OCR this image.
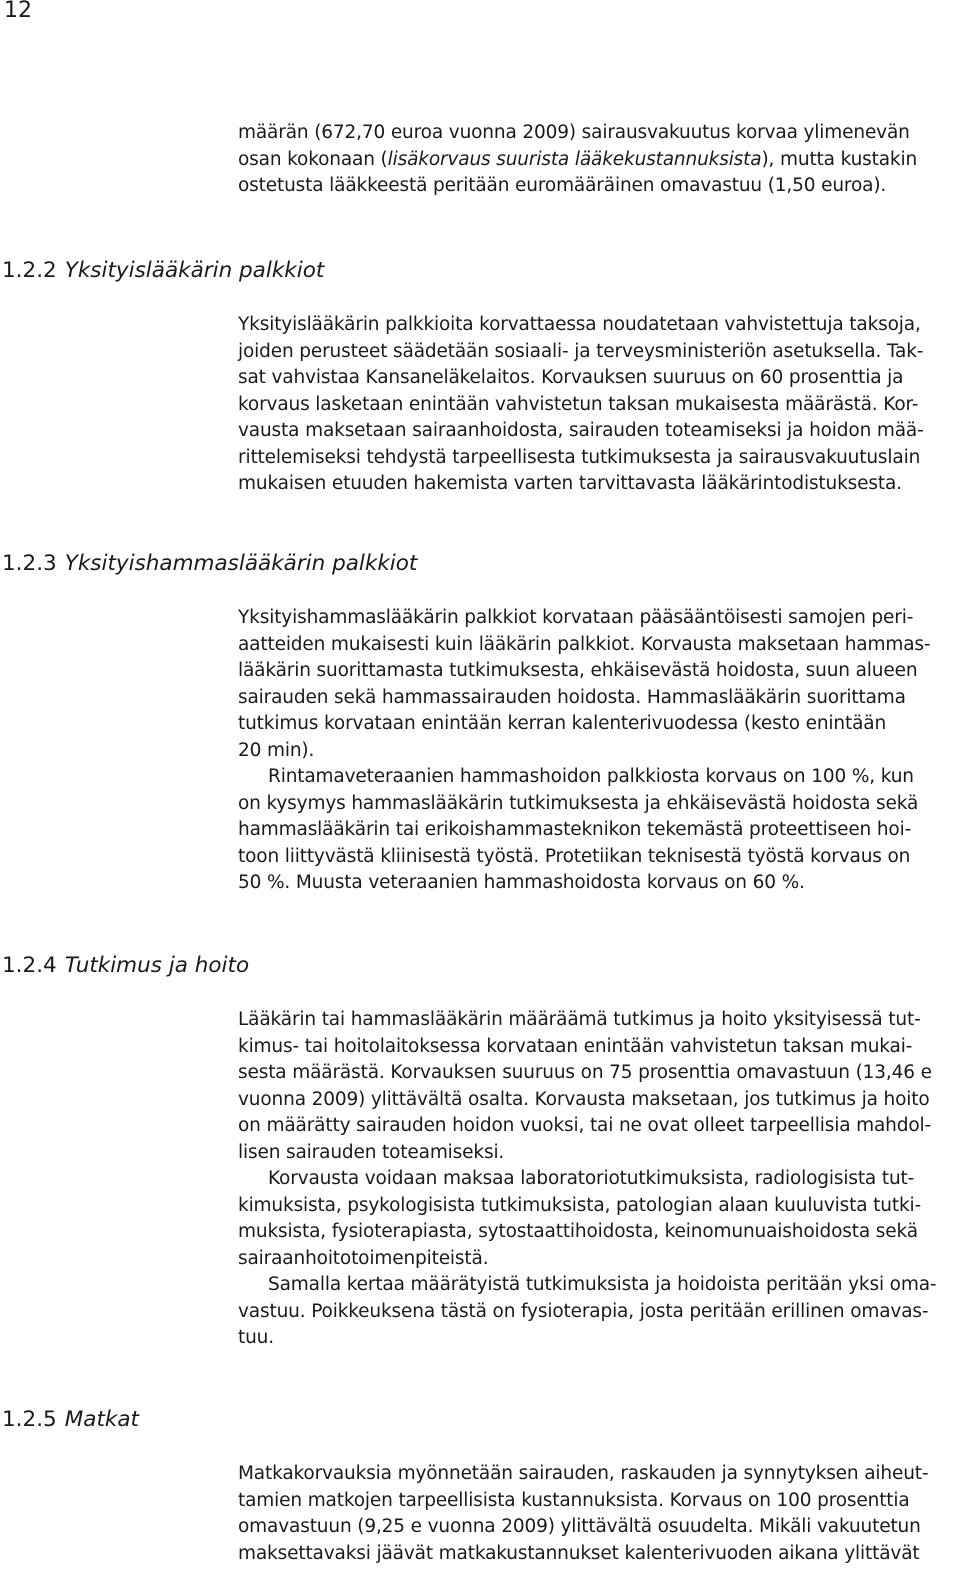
12

määrän (672,70 euroa vuonna 2009) sairausvakuutus korvaa ylimenevän
osan kokonaan (lisäkorvaus suurista lääkekustannuksista), mutta kustakin
ostetusta lääkkeestä peritään euromääräinen omavastuu (1,50 euroa).

1.2.2 Yksityislääkärin palkkiot

Yksityislääkärin palkkioita korvattaessa noudatetaan vahvistettuja taksoja,
joiden perusteet säädetään sosiaali- ja terveysministeriön asetuksella. Tak-
sat vahvistaa Kansaneläkelaitos. Korvauksen suuruus on 60 prosenttia ja
korvaus lasketaan enintään vahvistetun taksan mukaisesta määrästä. Kor-
vausta maksetaan sairaanhoidosta, sairauden toteamiseksi ja hoidon mää-
rittelemiseksi tehdystä tarpeellisesta tutkimuksesta ja sairausvakuutuslain
mukaisen etuuden hakemista varten tarvittavasta lääkärintodistuksesta.

1.2.3 Yksityishammaslääkärin palkkiot

Yksityishammaslääkärin palkkiot korvataan pääsääntöisesti samojen peri-
aatteiden mukaisesti kuin lääkärin palkkiot. Korvausta maksetaan hammas-
lääkärin suorittamasta tutkimuksesta, ehkäisevästä hoidosta, suun alueen
sairauden sekä hammassairauden hoidosta. Hammaslääkärin suorittama
tutkimus korvataan enintään kerran kalenterivuodessa (kesto enintään
20 min).

Rintamaveteraanien hammashoidon palkkiosta korvaus on 100 %, kun
on kysymys hammaslääkärin tutkimuksesta ja ehkäisevästä hoidosta sekä
hammaslääkärin tai erikoishammasteknikon tekemästä proteettiseen hoi-
toon liittyvästä kliinisestä työstä. Protetiikan teknisestä työstä korvaus on
50 %. Muusta veteraanien hammashoidosta korvaus on 60 %.

1.2.4 Tutkimus ja hoito

Lääkärin tai hammaslääkärin määräämä tutkimus ja hoito yksityisessä tut-
kimus- tai hoitolaitoksessa korvataan enintään vahvistetun taksan mukai-
sesta määrästä. Korvauksen suuruus on 75 prosenttia omavastuun (13,46 e
vuonna 2009) ylittävältä osalta. Korvausta maksetaan, jos tutkimus ja hoito
on määrätty sairauden hoidon vuoksi, tai ne ovat olleet tarpeellisia mahdol-
lisen sairauden toteamiseksi.

Korvausta voidaan maksaa laboratoriotutkimuksista, radiologisista tut-
kimuksista, psykologisista tutkimuksista, patologian alaan kuuluvista tutki-
muksista, fysioterapiasta, sytostaattihoidosta, keinomunuaishoidosta sekä
sairaanhoitotoimenpiteistä.

Samalla kertaa määrätyistä tutkimuksista ja hoidoista peritään yksi oma-
vastuu. Poikkeuksena tästä on fysioterapia, josta peritään erillinen omavas-
tuu.

1.2.5 Matkat

Matkakorvauksia myönnetään sairauden, raskauden ja synnytyksen aiheut-
tamien matkojen tarpeellisista kustannuksista. Korvaus on 100 prosenttia
omavastuun (9,25 e vuonna 2009) ylittävältä osuudelta. Mikäli vakuutetun
maksettavaksi jäävät matkakustannukset kalenterivuoden aikana ylittävät
